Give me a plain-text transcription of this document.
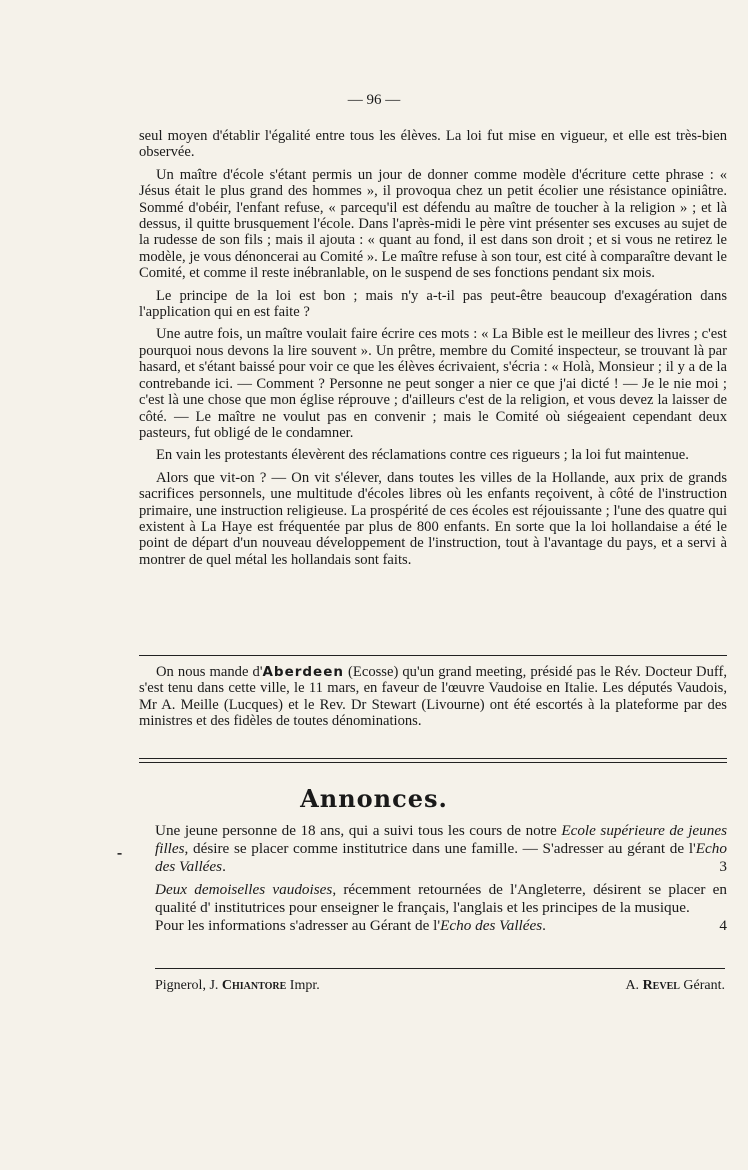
— 96 —

seul moyen d'établir l'égalité entre tous les élèves. La loi fut mise en vigueur, et elle est très-bien observée.

Un maître d'école s'étant permis un jour de donner comme modèle d'écriture cette phrase : « Jésus était le plus grand des hommes », il provoqua chez un petit écolier une résistance opiniâtre. Sommé d'obéir, l'enfant refuse, « parcequ'il est défendu au maître de toucher à la religion » ; et là dessus, il quitte brusquement l'école. Dans l'après-midi le père vint présenter ses excuses au sujet de la rudesse de son fils ; mais il ajouta : « quant au fond, il est dans son droit ; et si vous ne retirez le modèle, je vous dénoncerai au Comité ». Le maître refuse à son tour, est cité à comparaître devant le Comité, et comme il reste inébranlable, on le suspend de ses fonctions pendant six mois.

Le principe de la loi est bon ; mais n'y a-t-il pas peut-être beaucoup d'exagération dans l'application qui en est faite ?

Une autre fois, un maître voulait faire écrire ces mots : « La Bible est le meilleur des livres ; c'est pourquoi nous devons la lire souvent ». Un prêtre, membre du Comité inspecteur, se trouvant là par hasard, et s'étant baissé pour voir ce que les élèves écrivaient, s'écria : « Holà, Monsieur ; il y a de la contrebande ici. — Comment ? Personne ne peut songer a nier ce que j'ai dicté ! — Je le nie moi ; c'est là une chose que mon église réprouve ; d'ailleurs c'est de la religion, et vous devez la laisser de côté. — Le maître ne voulut pas en convenir ; mais le Comité où siégeaient cependant deux pasteurs, fut obligé de le condamner.

En vain les protestants élevèrent des réclamations contre ces rigueurs ; la loi fut maintenue.

Alors que vit-on ? — On vit s'élever, dans toutes les villes de la Hollande, aux prix de grands sacrifices personnels, une multitude d'écoles libres où les enfants reçoivent, à côté de l'instruction primaire, une instruction religieuse. La prospérité de ces écoles est réjouissante ; l'une des quatre qui existent à La Haye est fréquentée par plus de 800 enfants. En sorte que la loi hollandaise a été le point de départ d'un nouveau développement de l'instruction, tout à l'avantage du pays, et a servi à montrer de quel métal les hollandais sont faits.

On nous mande d'Aberdeen (Ecosse) qu'un grand meeting, présidé pas le Rév. Docteur Duff, s'est tenu dans cette ville, le 11 mars, en faveur de l'œuvre Vaudoise en Italie. Les députés Vaudois, Mr A. Meille (Lucques) et le Rev. Dr Stewart (Livourne) ont été escortés à la plateforme par des ministres et des fidèles de toutes dénominations.

Annonces.
⁃

Une jeune personne de 18 ans, qui a suivi tous les cours de notre Ecole supérieure de jeunes filles, désire se placer comme institutrice dans une famille. — S'adresser au gérant de l'Echo des Vallées.	3

Deux demoiselles vaudoises, récemment retournées de l'Angleterre, désirent se placer en qualité d' institutrices pour enseigner le français, l'anglais et les principes de la musique.
Pour les informations s'adresser au Gérant de l'Echo des Vallées.	4

Pignerol, J. Chiantore Impr.	A. Revel Gérant.
